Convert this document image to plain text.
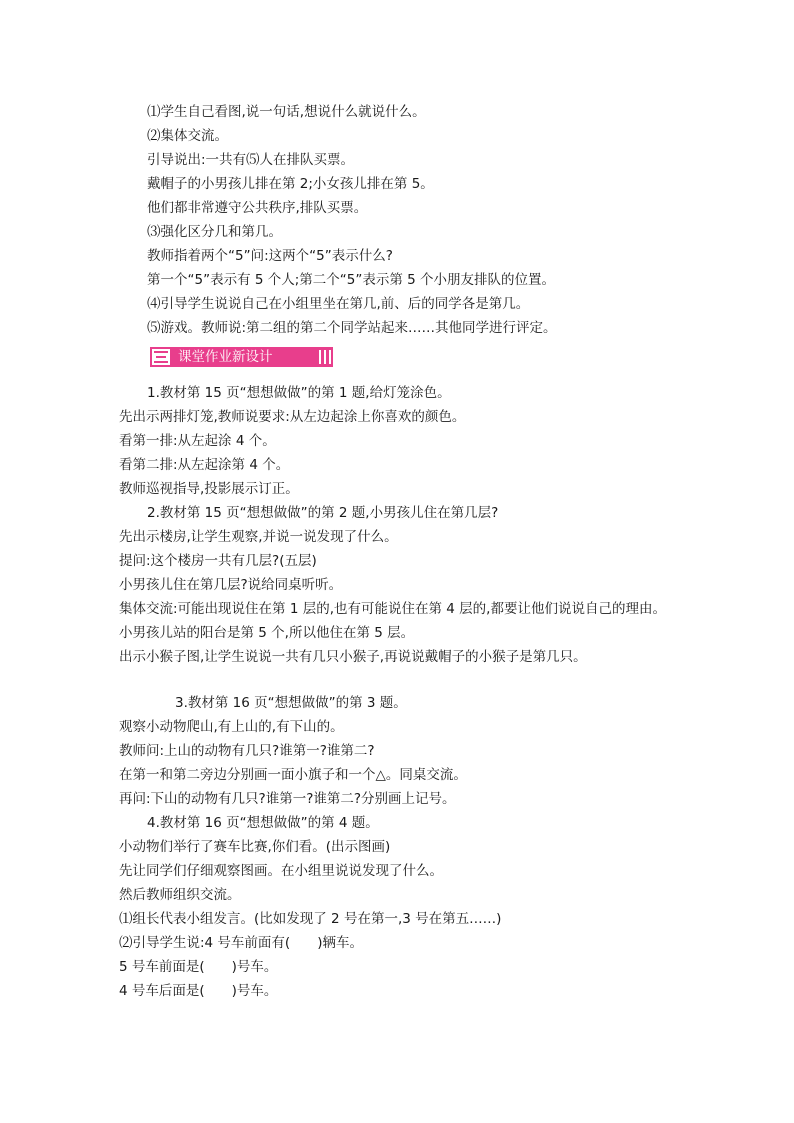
⑴学生自己看图,说一句话,想说什么就说什么。
⑵集体交流。
引导说出:一共有⑸人在排队买票。
戴帽子的小男孩儿排在第 2;小女孩儿排在第 5。
他们都非常遵守公共秩序,排队买票。
⑶强化区分几和第几。
教师指着两个“5”问:这两个“5”表示什么?
第一个“5”表示有 5 个人;第二个“5”表示第 5 个小朋友排队的位置。
⑷引导学生说说自己在小组里坐在第几,前、后的同学各是第几。
⑸游戏。教师说:第二组的第二个同学站起来……其他同学进行评定。
课堂作业新设计
1.教材第 15 页“想想做做”的第 1 题,给灯笼涂色。
先出示两排灯笼,教师说要求:从左边起涂上你喜欢的颜色。
看第一排:从左起涂 4 个。
看第二排:从左起涂第 4 个。
教师巡视指导,投影展示订正。
2.教材第 15 页“想想做做”的第 2 题,小男孩儿住在第几层?
先出示楼房,让学生观察,并说一说发现了什么。
提问:这个楼房一共有几层?(五层)
小男孩儿住在第几层?说给同桌听听。
集体交流:可能出现说住在第 1 层的,也有可能说住在第 4 层的,都要让他们说说自己的理由。
小男孩儿站的阳台是第 5 个,所以他住在第 5 层。
出示小猴子图,让学生说说一共有几只小猴子,再说说戴帽子的小猴子是第几只。
3.教材第 16 页“想想做做”的第 3 题。
观察小动物爬山,有上山的,有下山的。
教师问:上山的动物有几只?谁第一?谁第二?
在第一和第二旁边分别画一面小旗子和一个△。同桌交流。
再问:下山的动物有几只?谁第一?谁第二?分别画上记号。
4.教材第 16 页“想想做做”的第 4 题。
小动物们举行了赛车比赛,你们看。(出示图画)
先让同学们仔细观察图画。在小组里说说发现了什么。
然后教师组织交流。
⑴组长代表小组发言。(比如发现了 2 号在第一,3 号在第五……)
⑵引导学生说:4 号车前面有(　　)辆车。
5 号车前面是(　　)号车。
4 号车后面是(　　)号车。
